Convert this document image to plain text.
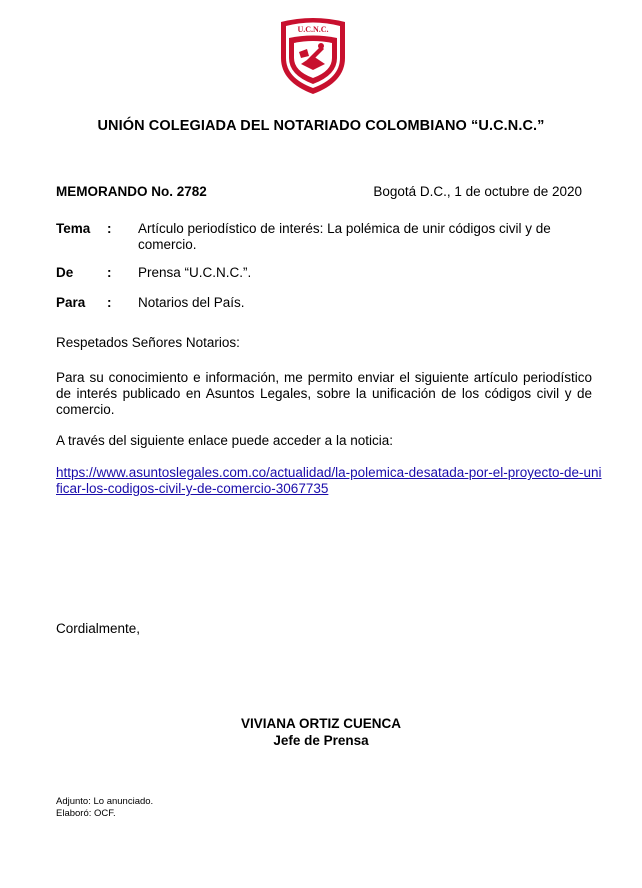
U.C.N.C.
UNIÓN COLEGIADA DEL NOTARIADO COLOMBIANO “U.C.N.C.”
MEMORANDO No. 2782	Bogotá D.C., 1 de octubre de 2020
Tema : Artículo periodístico de interés: La polémica de unir códigos civil y de comercio.
De : Prensa “U.C.N.C.”.
Para : Notarios del País.
Respetados Señores Notarios:
Para su conocimiento e información, me permito enviar el siguiente artículo periodístico de interés publicado en Asuntos Legales, sobre la unificación de los códigos civil y de comercio.
A través del siguiente enlace puede acceder a la noticia:
https://www.asuntoslegales.com.co/actualidad/la-polemica-desatada-por-el-proyecto-de-unificar-los-codigos-civil-y-de-comercio-3067735
Cordialmente,
VIVIANA ORTIZ CUENCA
Jefe de Prensa
Adjunto: Lo anunciado.
Elaboró: OCF.
